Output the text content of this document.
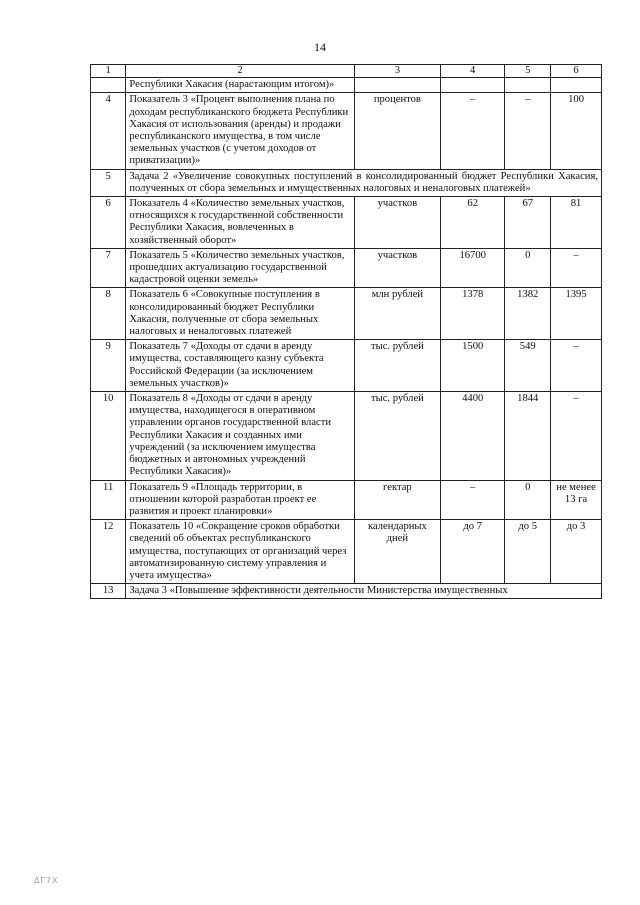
14
1	2	3	4	5	6
	Республики Хакасия (нарастающим итогом)»				
4	Показатель 3 «Процент выполнения плана по доходам республиканского бюджета Республики Хакасия от использования (аренды) и продажи республиканского имущества, в том числе земельных участков (с учетом доходов от приватизации)»	процентов	–	–	100
5	Задача 2 «Увеличение совокупных поступлений в консолидированный бюджет Республики Хакасия, полученных от сбора земельных и имущественных налоговых и неналоговых платежей»				
6	Показатель 4 «Количество земельных участков, относящихся к государственной собственности Республики Хакасия, вовлеченных в хозяйственный оборот»	участков	62	67	81
7	Показатель 5 «Количество земельных участков, прошедших актуализацию государственной кадастровой оценки земель»	участков	16700	0	–
8	Показатель 6 «Совокупные поступления в консолидированный бюджет Республики Хакасия, полученные от сбора земельных налоговых и неналоговых платежей	млн рублей	1378	1382	1395
9	Показатель 7 «Доходы от сдачи в аренду имущества, составляющего казну субъекта Российской Федерации (за исключением земельных участков)»	тыс. рублей	1500	549	–
10	Показатель 8 «Доходы от сдачи в аренду имущества, находящегося в оперативном управлении органов государственной власти Республики Хакасия и созданных ими учреждений (за исключением имущества бюджетных и автономных учреждений Республики Хакасия)»	тыс. рублей	4400	1844	–
11	Показатель 9 «Площадь территории, в отношении которой разработан проект ее развития и проект планировки»	гектар	–	0	не менее 13 га
12	Показатель 10 «Сокращение сроков обработки сведений об объектах республиканского имущества, поступающих от организаций через автоматизированную систему управления и учета имущества»	календарных дней	до 7	до 5	до 3
13	Задача 3 «Повышение эффективности деятельности Министерства имущественных				
ΔΓ7Χ
